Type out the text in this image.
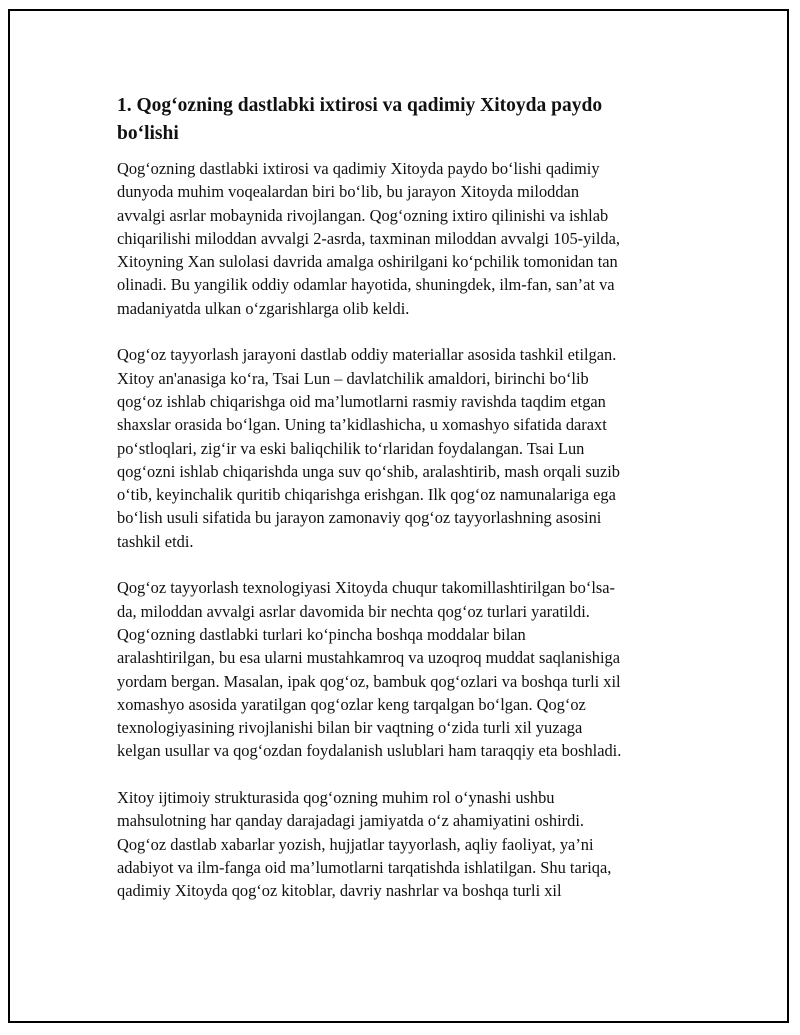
1. Qog‘ozning dastlabki ixtirosi va qadimiy Xitoyda paydo
bo‘lishi

Qog‘ozning dastlabki ixtirosi va qadimiy Xitoyda paydo bo‘lishi qadimiy
dunyoda muhim voqealardan biri bo‘lib, bu jarayon Xitoyda miloddan
avvalgi asrlar mobaynida rivojlangan. Qog‘ozning ixtiro qilinishi va ishlab
chiqarilishi miloddan avvalgi 2-asrda, taxminan miloddan avvalgi 105-yilda,
Xitoyning Xan sulolasi davrida amalga oshirilgani ko‘pchilik tomonidan tan
olinadi. Bu yangilik oddiy odamlar hayotida, shuningdek, ilm-fan, san’at va
madaniyatda ulkan o‘zgarishlarga olib keldi.

Qog‘oz tayyorlash jarayoni dastlab oddiy materiallar asosida tashkil etilgan.
Xitoy an'anasiga ko‘ra, Tsai Lun – davlatchilik amaldori, birinchi bo‘lib
qog‘oz ishlab chiqarishga oid ma’lumotlarni rasmiy ravishda taqdim etgan
shaxslar orasida bo‘lgan. Uning ta’kidlashicha, u xomashyo sifatida daraxt
po‘stloqlari, zig‘ir va eski baliqchilik to‘rlaridan foydalangan. Tsai Lun
qog‘ozni ishlab chiqarishda unga suv qo‘shib, aralashtirib, mash orqali suzib
o‘tib, keyinchalik quritib chiqarishga erishgan. Ilk qog‘oz namunalariga ega
bo‘lish usuli sifatida bu jarayon zamonaviy qog‘oz tayyorlashning asosini
tashkil etdi.

Qog‘oz tayyorlash texnologiyasi Xitoyda chuqur takomillashtirilgan bo‘lsa-
da, miloddan avvalgi asrlar davomida bir nechta qog‘oz turlari yaratildi.
Qog‘ozning dastlabki turlari ko‘pincha boshqa moddalar bilan
aralashtirilgan, bu esa ularni mustahkamroq va uzoqroq muddat saqlanishiga
yordam bergan. Masalan, ipak qog‘oz, bambuk qog‘ozlari va boshqa turli xil
xomashyo asosida yaratilgan qog‘ozlar keng tarqalgan bo‘lgan. Qog‘oz
texnologiyasining rivojlanishi bilan bir vaqtning o‘zida turli xil yuzaga
kelgan usullar va qog‘ozdan foydalanish uslublari ham taraqqiy eta boshladi.

Xitoy ijtimoiy strukturasida qog‘ozning muhim rol o‘ynashi ushbu
mahsulotning har qanday darajadagi jamiyatda o‘z ahamiyatini oshirdi.
Qog‘oz dastlab xabarlar yozish, hujjatlar tayyorlash, aqliy faoliyat, ya’ni
adabiyot va ilm-fanga oid ma’lumotlarni tarqatishda ishlatilgan. Shu tariqa,
qadimiy Xitoyda qog‘oz kitoblar, davriy nashrlar va boshqa turli xil
